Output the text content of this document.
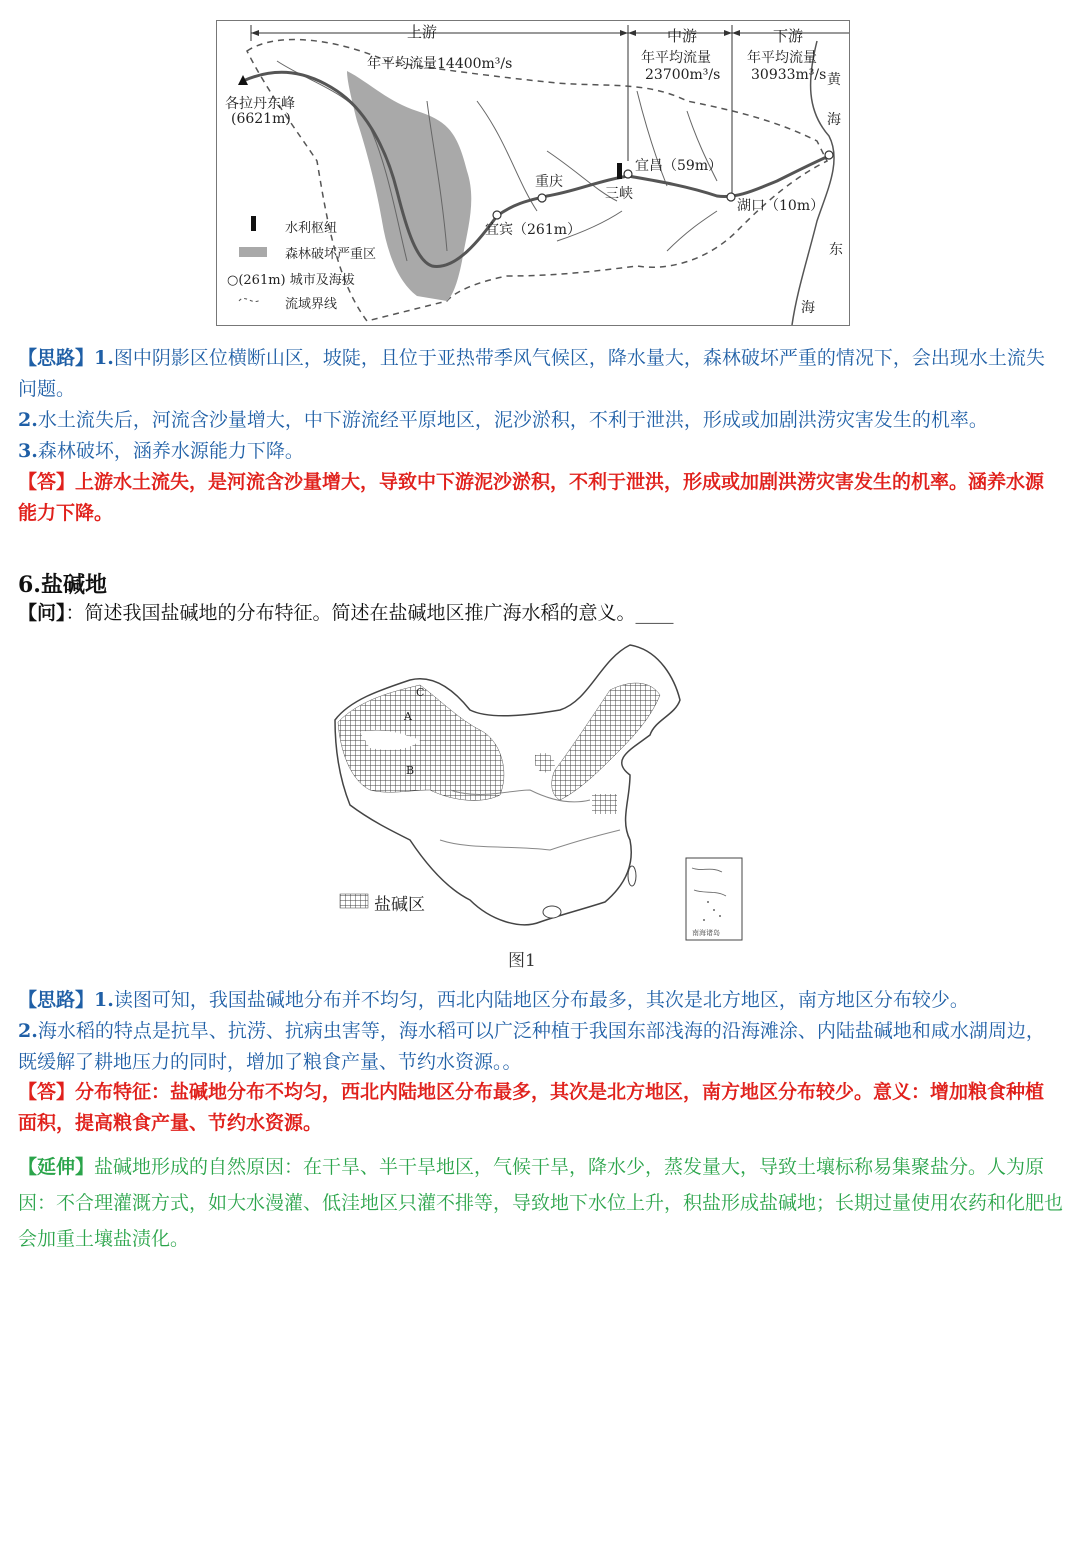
上游	中游	下游
年平均流量14400m³/s	年平均流量
23700m³/s
年平均流量
30933m³/s
各拉丹东峰
(6621m)
重庆
三峡
宜昌（59m）
宜宾（261m）
湖口（10m）
黄
海
东
海
水利枢纽
森林破坏严重区
○(261m) 城市及海拔
流域界线

【思路】1.图中阴影区位横断山区，坡陡，且位于亚热带季风气候区，降水量大，森林破坏严重的情况下，会出现水土流失问题。

2.水土流失后，河流含沙量增大，中下游流经平原地区，泥沙淤积，不利于泄洪，形成或加剧洪涝灾害发生的机率。

3.森林破坏，涵养水源能力下降。

【答】上游水土流失，是河流含沙量增大，导致中下游泥沙淤积，不利于泄洪，形成或加剧洪涝灾害发生的机率。涵养水源能力下降。

6.盐碱地
【问】：简述我国盐碱地的分布特征。简述在盐碱地区推广海水稻的意义。____
C
A
B
盐碱区
南海诸岛
图1

【思路】1.读图可知，我国盐碱地分布并不均匀，西北内陆地区分布最多，其次是北方地区，南方地区分布较少。

2.海水稻的特点是抗旱、抗涝、抗病虫害等，海水稻可以广泛种植于我国东部浅海的沿海滩涂、内陆盐碱地和咸水湖周边，既缓解了耕地压力的同时，增加了粮食产量、节约水资源。。

【答】分布特征：盐碱地分布不均匀，西北内陆地区分布最多，其次是北方地区，南方地区分布较少。意义：增加粮食种植面积，提高粮食产量、节约水资源。

【延伸】盐碱地形成的自然原因：在干旱、半干旱地区，气候干旱，降水少，蒸发量大，导致土壤标称易集聚盐分。人为原因：不合理灌溉方式，如大水漫灌、低洼地区只灌不排等，导致地下水位上升，积盐形成盐碱地；长期过量使用农药和化肥也会加重土壤盐渍化。
